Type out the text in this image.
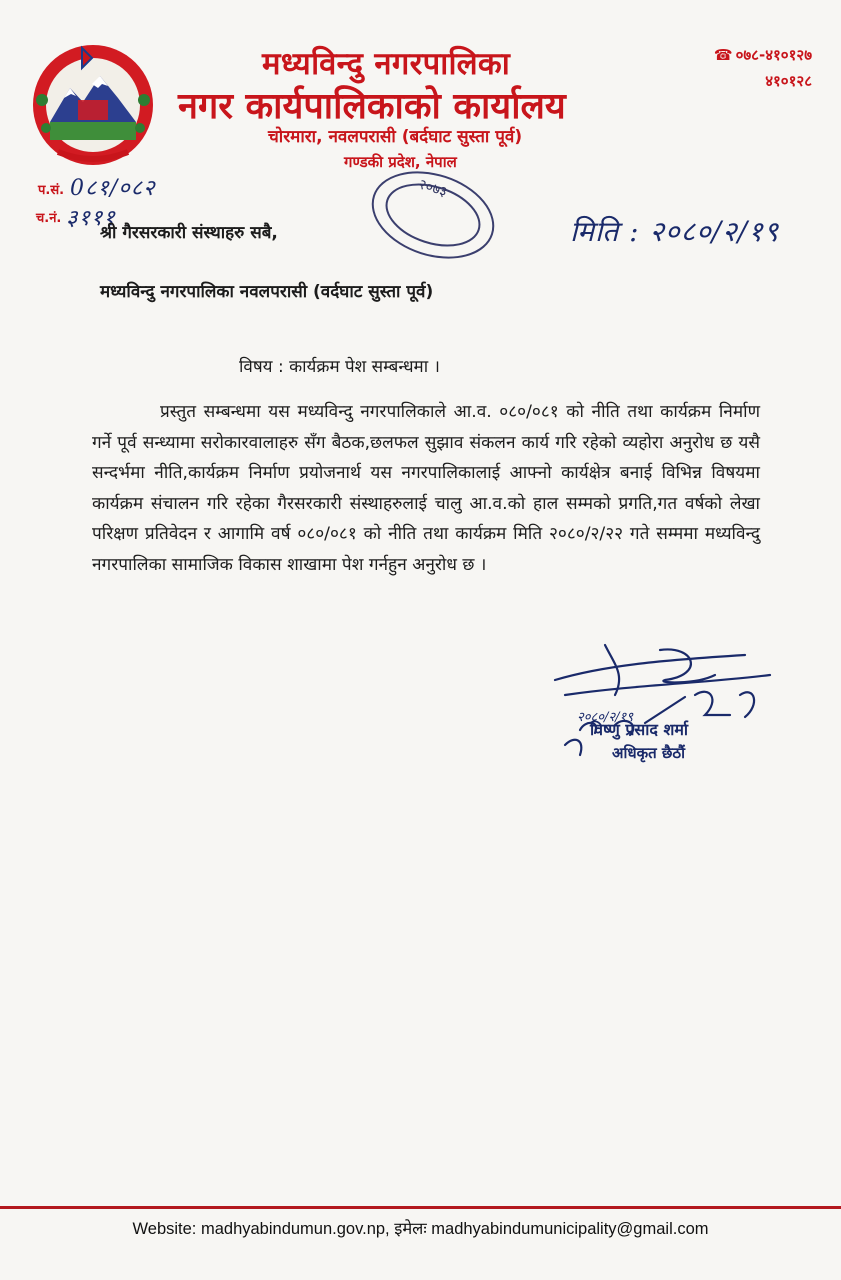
मध्यविन्दु नगरपालिका
नगर कार्यपालिकाको कार्यालय
चोरमारा, नवलपरासी (बर्दघाट सुस्ता पूर्व)
गण्डकी प्रदेश, नेपाल
☎ ०७८-४१०१२७
४१०१२८
प.सं. 0८१/०८२
च.नं. ३१११
२०७३
मिति : २०८०/२/१९
श्री गैरसरकारी संस्थाहरु सबै,
मध्यविन्दु नगरपालिका नवलपरासी (वर्दघाट सुस्ता पूर्व)
विषय : कार्यक्रम पेश सम्बन्धमा ।
प्रस्तुत सम्बन्धमा यस मध्यविन्दु नगरपालिकाले आ.व. ०८०/०८१ को नीति तथा कार्यक्रम निर्माण गर्ने पूर्व सन्ध्यामा सरोकारवालाहरु सँग बैठक,छलफल सुझाव संकलन कार्य गरि रहेको व्यहोरा अनुरोध छ यसै सन्दर्भमा नीति,कार्यक्रम निर्माण प्रयोजनार्थ यस नगरपालिकालाई आफ्नो कार्यक्षेत्र बनाई विभिन्न विषयमा कार्यक्रम संचालन गरि रहेका गैरसरकारी संस्थाहरुलाई चालु आ.व.को हाल सम्मको प्रगति,गत वर्षको लेखा परिक्षण प्रतिवेदन र आगामि वर्ष ०८०/०८१ को नीति तथा कार्यक्रम मिति २०८०/२/२२ गते सम्ममा मध्यविन्दु नगरपालिका सामाजिक विकास शाखामा पेश गर्नहुन अनुरोध छ ।
२०८०/२/१९
विष्णु प्रसाद शर्मा
अधिकृत छैठौं
Website: madhyabindumun.gov.np, इमेलः madhyabindumunicipality@gmail.com
